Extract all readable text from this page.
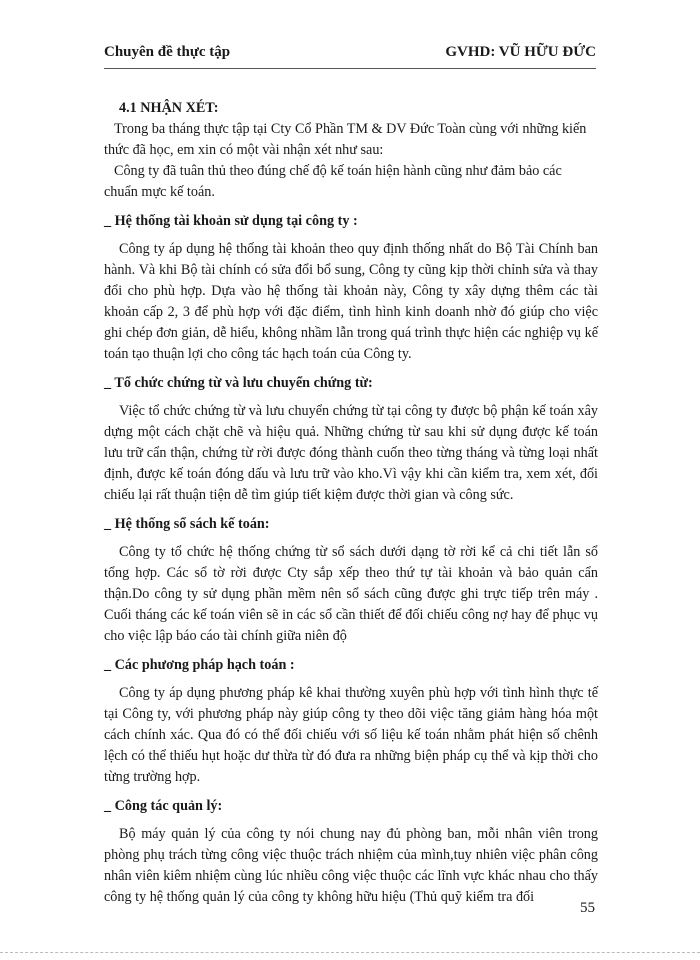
Chuyên đề thực tập	GVHD: VŨ HỮU ĐỨC
4.1 NHẬN XÉT:

Trong ba tháng thực tập tại Cty Cổ Phần TM & DV Đức Toàn cùng với những kiến thức đã học, em xin có một vài nhận xét như sau:

Công ty đã tuân thủ theo đúng chế độ kế toán hiện hành cũng như đảm bảo các chuẩn mực kế toán.

_ Hệ thống tài khoản sử dụng tại công ty :

Công ty áp dụng hệ thống tài khoản theo quy định thống nhất do Bộ Tài Chính ban hành. Và khi Bộ tài chính có sửa đổi bổ sung, Công ty cũng kịp thời chỉnh sửa và thay đổi cho phù hợp. Dựa vào hệ thống tài khoản này, Công ty xây dựng thêm các tài khoản cấp 2, 3 để phù hợp với đặc điểm, tình hình kinh doanh nhờ đó giúp cho việc ghi chép đơn giản, dễ hiểu, không nhầm lẫn trong quá trình thực hiện các nghiệp vụ kế toán tạo thuận lợi cho công tác hạch toán của Công ty.

_ Tổ chức chứng từ và lưu chuyển chứng từ:

Việc tổ chức chứng từ và lưu chuyển chứng từ tại công ty được bộ phận kế toán xây dựng một cách chặt chẽ và hiệu quả. Những chứng từ sau khi sử dụng được kế toán lưu trữ cẩn thận, chứng từ rời được đóng thành cuốn theo từng tháng và từng loại nhất định, được kế toán đóng dấu và lưu trữ vào kho.Vì vậy khi cần kiểm tra, xem xét, đối chiếu lại rất thuận tiện dễ tìm giúp tiết kiệm được thời gian và công sức.

_ Hệ thống sổ sách kế toán:

Công ty tổ chức hệ thống chứng từ sổ sách dưới dạng tờ rời kể cả chi tiết lẫn sổ tổng hợp. Các sổ tờ rời được Cty sắp xếp theo thứ tự tài khoản và bảo quản cẩn thận.Do công ty sử dụng phần mềm nên sổ sách cũng được ghi trực tiếp trên máy . Cuối tháng các kế toán viên sẽ in các sổ cần thiết để đối chiếu công nợ hay để phục vụ cho việc lập báo cáo tài chính giữa niên độ

_ Các phương pháp hạch toán :

Công ty áp dụng phương pháp kê khai thường xuyên phù hợp với tình hình thực tế tại Công ty, với phương pháp này giúp công ty theo dõi việc tăng giảm hàng hóa một cách chính xác. Qua đó có thể đối chiếu với số liệu kế toán nhằm phát hiện số chênh lệch có thể thiếu hụt hoặc dư thừa từ đó đưa ra những biện pháp cụ thể và kịp thời cho từng trường hợp.

_ Công tác quản lý:

Bộ máy quản lý của công ty nói chung nay đủ phòng ban, mỗi nhân viên trong phòng phụ trách từng công việc thuộc trách nhiệm của mình,tuy nhiên việc phân công nhân viên kiêm nhiệm cùng lúc nhiều công việc thuộc các lĩnh vực khác nhau cho thấy công ty hệ thống quản lý của công ty không hữu hiệu (Thủ quỹ kiểm tra đối

55
